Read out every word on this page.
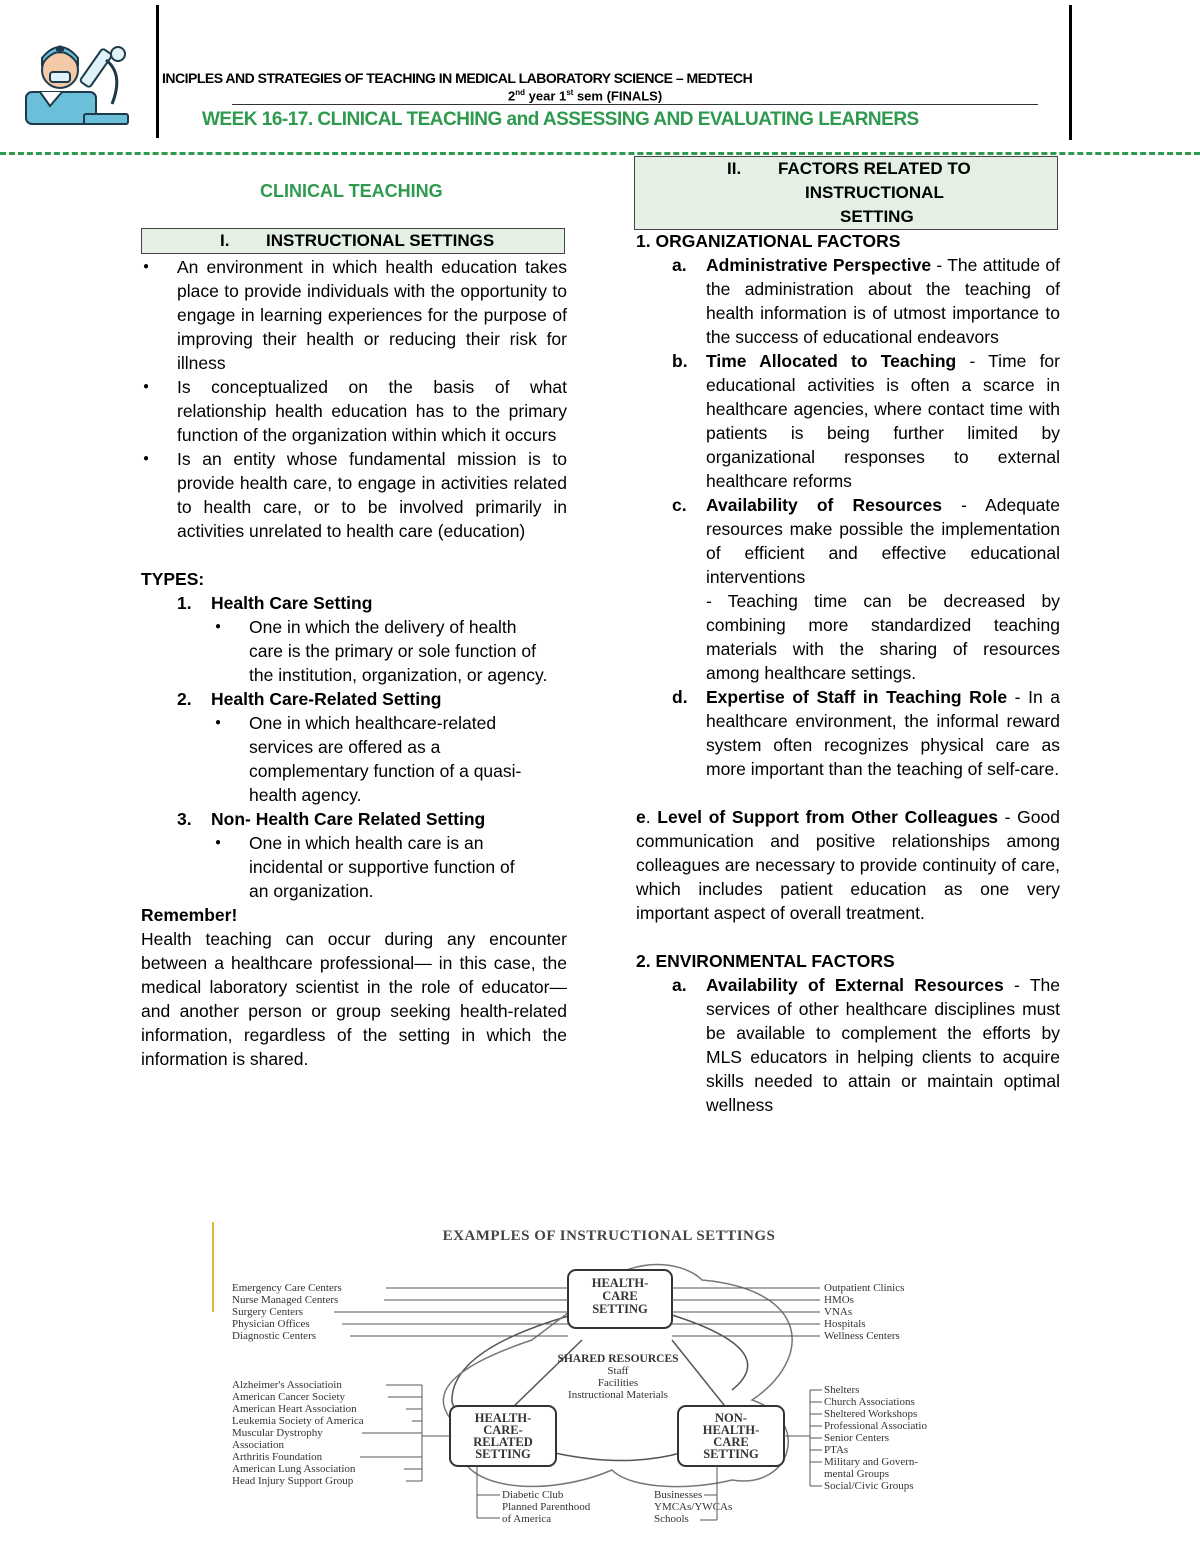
INCIPLES AND STRATEGIES OF TEACHING IN MEDICAL LABORATORY SCIENCE – MEDTECH
2nd year 1st sem (FINALS)
WEEK 16-17. CLINICAL TEACHING and ASSESSING AND EVALUATING LEARNERS
CLINICAL TEACHING
I. INSTRUCTIONAL SETTINGS

● An environment in which health education takes place to provide individuals with the opportunity to engage in learning experiences for the purpose of improving their health or reducing their risk for illness

● Is conceptualized on the basis of what relationship health education has to the primary function of the organization within which it occurs

● Is an entity whose fundamental mission is to provide health care, to engage in activities related to health care, or to be involved primarily in activities unrelated to health care (education)

TYPES:

1. Health Care Setting

● One in which the delivery of health care is the primary or sole function of the institution, organization, or agency.

2. Health Care-Related Setting

● One in which healthcare-related services are offered as a complementary function of a quasi-health agency.

3. Non- Health Care Related Setting

● One in which health care is an incidental or supportive function of an organization.

Remember!

Health teaching can occur during any encounter between a healthcare professional— in this case, the medical laboratory scientist in the role of educator—and another person or group seeking health-related information, regardless of the setting in which the information is shared.

II. FACTORS RELATED TO
INSTRUCTIONAL
SETTING

1. ORGANIZATIONAL FACTORS

a. Administrative Perspective - The attitude of the administration about the teaching of health information is of utmost importance to the success of educational endeavors

b. Time Allocated to Teaching - Time for educational activities is often a scarce in healthcare agencies, where contact time with patients is being further limited by organizational responses to external healthcare reforms

c. Availability of Resources - Adequate resources make possible the implementation of efficient and effective educational interventions

- Teaching time can be decreased by combining more standardized teaching materials with the sharing of resources among healthcare settings.

d. Expertise of Staff in Teaching Role - In a healthcare environment, the informal reward system often recognizes physical care as more important than the teaching of self-care.

e. Level of Support from Other Colleagues - Good communication and positive relationships among colleagues are necessary to provide continuity of care, which includes patient education as one very important aspect of overall treatment.

2. ENVIRONMENTAL FACTORS

a. Availability of External Resources - The services of other healthcare disciplines must be available to complement the efforts by MLS educators in helping clients to acquire skills needed to attain or maintain optimal wellness

EXAMPLES OF INSTRUCTIONAL SETTINGS
HEALTH-
CARE
SETTING
HEALTH-
CARE-
RELATED
SETTING
NON-
HEALTH-
CARE
SETTING
SHARED RESOURCES
Staff
Facilities
Instructional Materials
Emergency Care Centers
Nurse Managed Centers
Surgery Centers
Physician Offices
Diagnostic Centers
Outpatient Clinics
HMOs
VNAs
Hospitals
Wellness Centers
Alzheimer's Associatioin
American Cancer Society
American Heart Association
Leukemia Society of America
Muscular Dystrophy
Association
Arthritis Foundation
American Lung Association
Head Injury Support Group
Diabetic Club
Planned Parenthood
of America
Businesses
YMCAs/YWCAs
Schools
Shelters
Church Associations
Sheltered Workshops
Professional Associatio
Senior Centers
PTAs
Military and Govern-
mental Groups
Social/Civic Groups
